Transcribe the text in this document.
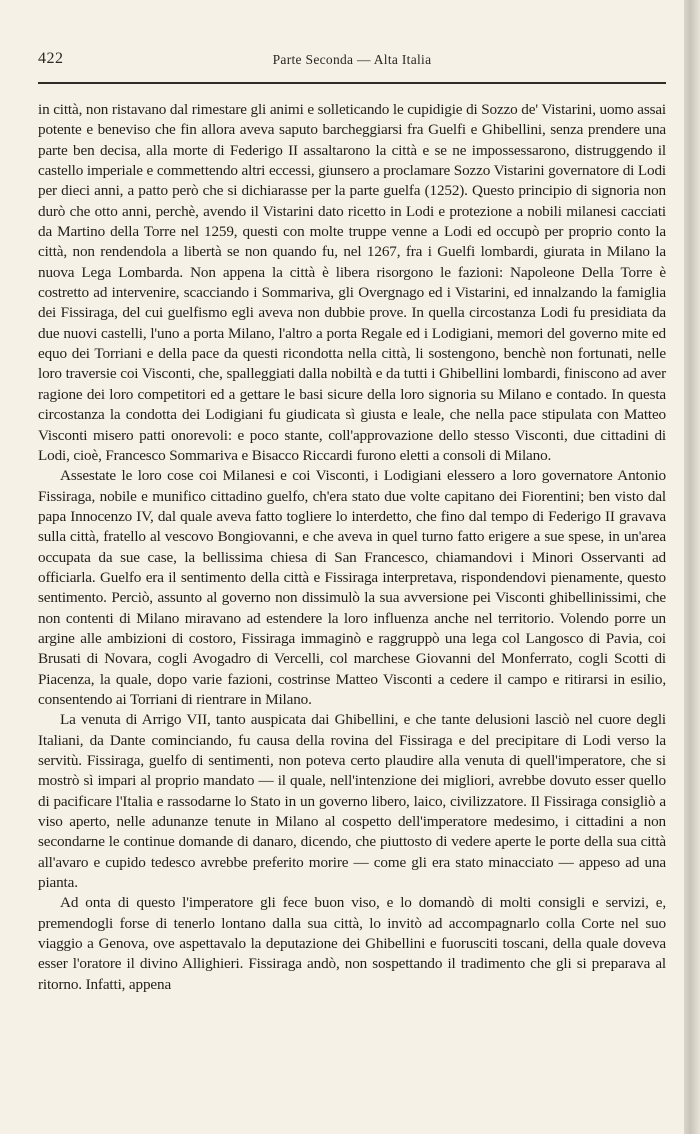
422	Parte Seconda — Alta Italia

in città, non ristavano dal rimestare gli animi e solleticando le cupidigie di Sozzo de' Vistarini, uomo assai potente e beneviso che fin allora aveva saputo barcheggiarsi fra Guelfi e Ghibellini, senza prendere una parte ben decisa, alla morte di Federigo II assaltarono la città e se ne impossessarono, distruggendo il castello imperiale e commettendo altri eccessi, giunsero a proclamare Sozzo Vistarini governatore di Lodi per dieci anni, a patto però che si dichiarasse per la parte guelfa (1252). Questo principio di signoria non durò che otto anni, perchè, avendo il Vistarini dato ricetto in Lodi e protezione a nobili milanesi cacciati da Martino della Torre nel 1259, questi con molte truppe venne a Lodi ed occupò per proprio conto la città, non rendendola a libertà se non quando fu, nel 1267, fra i Guelfi lombardi, giurata in Milano la nuova Lega Lombarda. Non appena la città è libera risorgono le fazioni: Napoleone Della Torre è costretto ad intervenire, scacciando i Sommariva, gli Overgnago ed i Vistarini, ed innalzando la famiglia dei Fissiraga, del cui guelfismo egli aveva non dubbie prove. In quella circostanza Lodi fu presidiata da due nuovi castelli, l'uno a porta Milano, l'altro a porta Regale ed i Lodigiani, memori del governo mite ed equo dei Torriani e della pace da questi ricondotta nella città, li sostengono, benchè non fortunati, nelle loro traversie coi Visconti, che, spalleggiati dalla nobiltà e da tutti i Ghibellini lombardi, finiscono ad aver ragione dei loro competitori ed a gettare le basi sicure della loro signoria su Milano e contado. In questa circostanza la condotta dei Lodigiani fu giudicata sì giusta e leale, che nella pace stipulata con Matteo Visconti misero patti onorevoli: e poco stante, coll'approvazione dello stesso Visconti, due cittadini di Lodi, cioè, Francesco Sommariva e Bisacco Riccardi furono eletti a consoli di Milano.

Assestate le loro cose coi Milanesi e coi Visconti, i Lodigiani elessero a loro governatore Antonio Fissiraga, nobile e munifico cittadino guelfo, ch'era stato due volte capitano dei Fiorentini; ben visto dal papa Innocenzo IV, dal quale aveva fatto togliere lo interdetto, che fino dal tempo di Federigo II gravava sulla città, fratello al vescovo Bongiovanni, e che aveva in quel turno fatto erigere a sue spese, in un'area occupata da sue case, la bellissima chiesa di San Francesco, chiamandovi i Minori Osservanti ad officiarla. Guelfo era il sentimento della città e Fissiraga interpretava, rispondendovi pienamente, questo sentimento. Perciò, assunto al governo non dissimulò la sua avversione pei Visconti ghibellinissimi, che non contenti di Milano miravano ad estendere la loro influenza anche nel territorio. Volendo porre un argine alle ambizioni di costoro, Fissiraga immaginò e raggruppò una lega col Langosco di Pavia, coi Brusati di Novara, cogli Avogadro di Vercelli, col marchese Giovanni del Monferrato, cogli Scotti di Piacenza, la quale, dopo varie fazioni, costrinse Matteo Visconti a cedere il campo e ritirarsi in esilio, consentendo ai Torriani di rientrare in Milano.

La venuta di Arrigo VII, tanto auspicata dai Ghibellini, e che tante delusioni lasciò nel cuore degli Italiani, da Dante cominciando, fu causa della rovina del Fissiraga e del precipitare di Lodi verso la servitù. Fissiraga, guelfo di sentimenti, non poteva certo plaudire alla venuta di quell'imperatore, che si mostrò sì impari al proprio mandato — il quale, nell'intenzione dei migliori, avrebbe dovuto esser quello di pacificare l'Italia e rassodarne lo Stato in un governo libero, laico, civilizzatore. Il Fissiraga consigliò a viso aperto, nelle adunanze tenute in Milano al cospetto dell'imperatore medesimo, i cittadini a non secondarne le continue domande di danaro, dicendo, che piuttosto di vedere aperte le porte della sua città all'avaro e cupido tedesco avrebbe preferito morire — come gli era stato minacciato — appeso ad una pianta.

Ad onta di questo l'imperatore gli fece buon viso, e lo domandò di molti consigli e servizi, e, premendogli forse di tenerlo lontano dalla sua città, lo invitò ad accompagnarlo colla Corte nel suo viaggio a Genova, ove aspettavalo la deputazione dei Ghibellini e fuorusciti toscani, della quale doveva esser l'oratore il divino Allighieri. Fissiraga andò, non sospettando il tradimento che gli si preparava al ritorno. Infatti, appena
